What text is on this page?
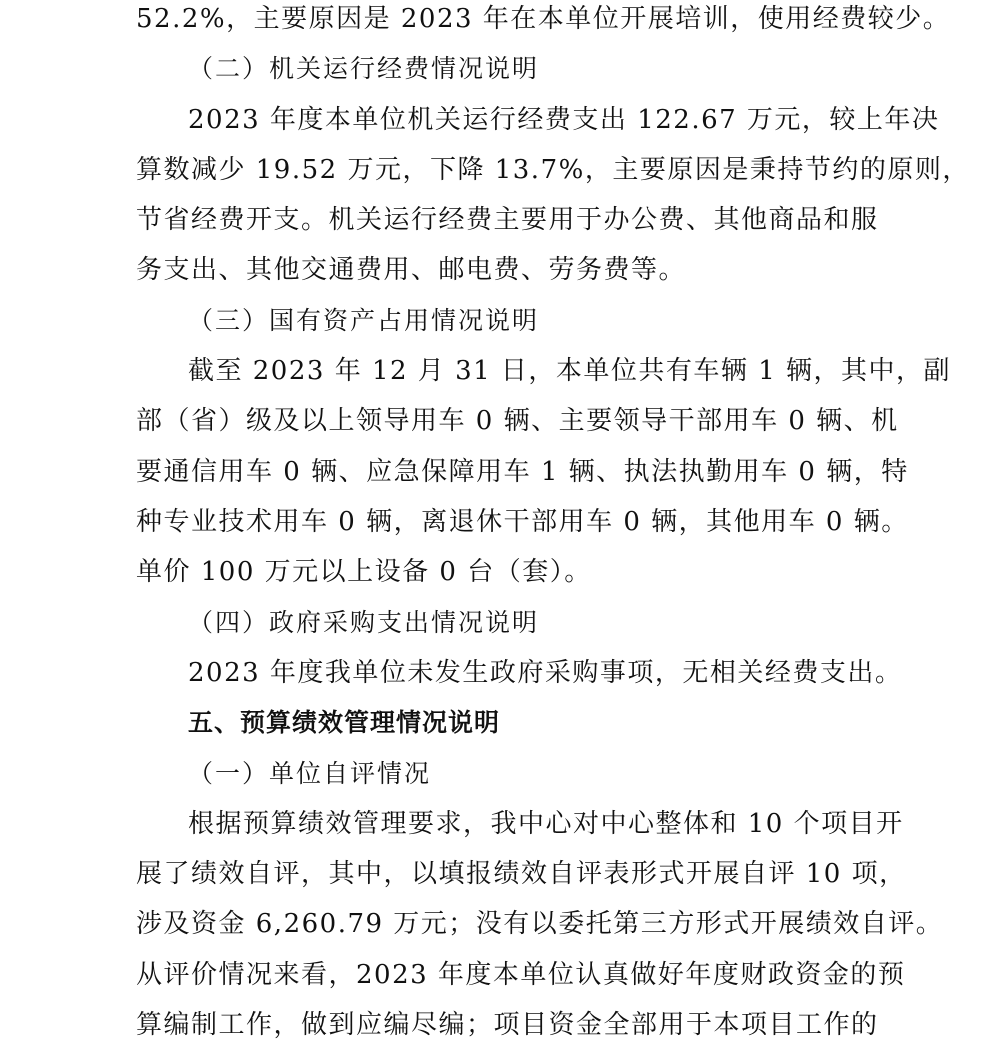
52.2%，主要原因是 2023 年在本单位开展培训，使用经费较少。
（二）机关运行经费情况说明
2023 年度本单位机关运行经费支出 122.67 万元，较上年决
算数减少 19.52 万元，下降 13.7%，主要原因是秉持节约的原则，
节省经费开支。机关运行经费主要用于办公费、其他商品和服
务支出、其他交通费用、邮电费、劳务费等。
（三）国有资产占用情况说明
截至 2023 年 12 月 31 日，本单位共有车辆 1 辆，其中，副
部（省）级及以上领导用车 0 辆、主要领导干部用车 0 辆、机
要通信用车 0 辆、应急保障用车 1 辆、执法执勤用车 0 辆，特
种专业技术用车 0 辆，离退休干部用车 0 辆，其他用车 0 辆。
单价 100 万元以上设备 0 台（套）。
（四）政府采购支出情况说明
2023 年度我单位未发生政府采购事项，无相关经费支出。
五、预算绩效管理情况说明
（一）单位自评情况
根据预算绩效管理要求，我中心对中心整体和 10 个项目开
展了绩效自评，其中，以填报绩效自评表形式开展自评 10 项，
涉及资金 6,260.79 万元；没有以委托第三方形式开展绩效自评。
从评价情况来看，2023 年度本单位认真做好年度财政资金的预
算编制工作，做到应编尽编；项目资金全部用于本项目工作的
